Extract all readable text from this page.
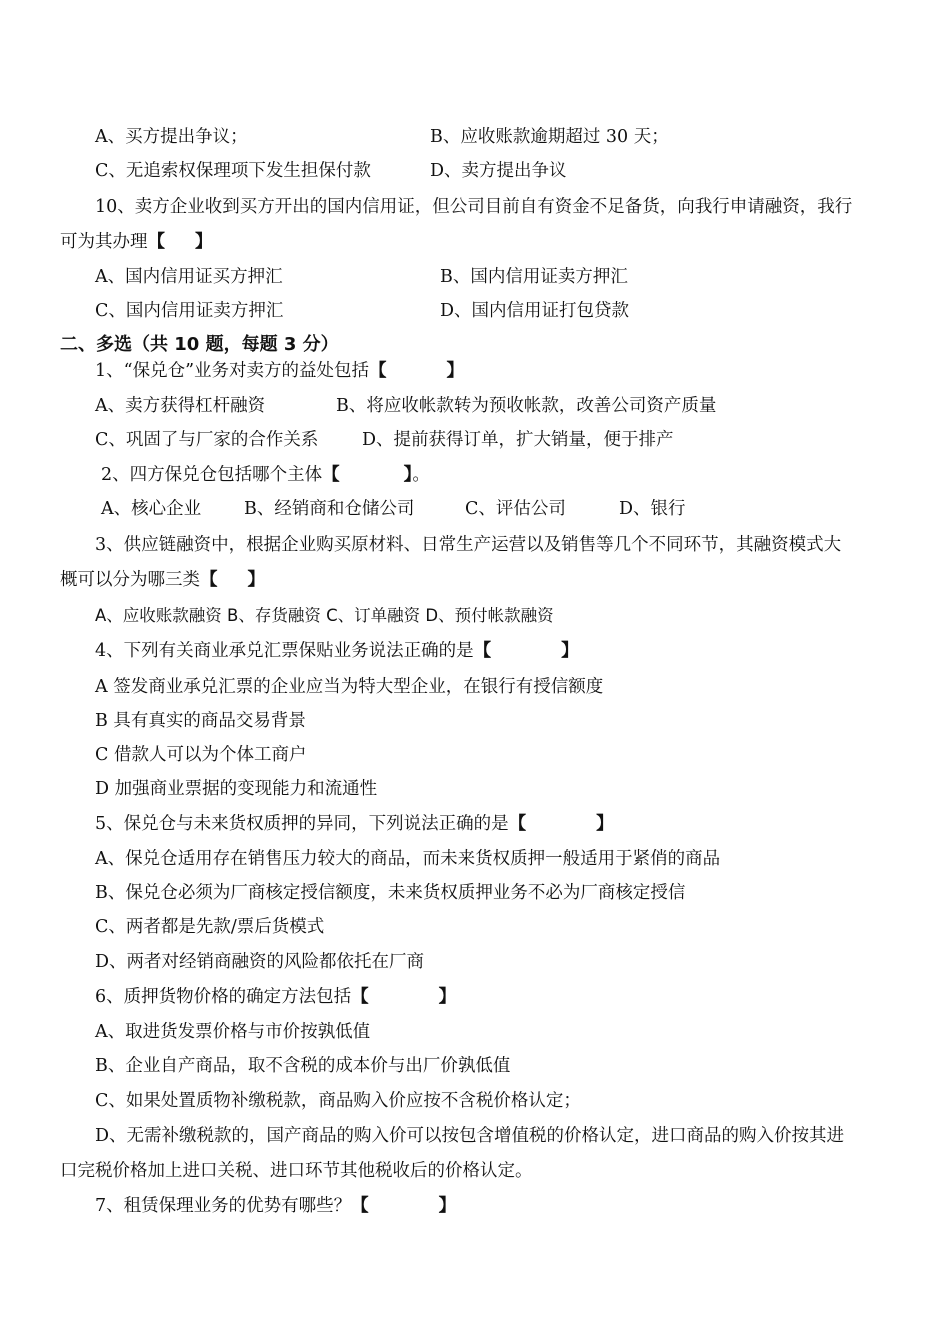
A、买方提出争议；	B、应收账款逾期超过 30 天；
C、无追索权保理项下发生担保付款	D、卖方提出争议
10、卖方企业收到买方开出的国内信用证，但公司目前自有资金不足备货，向我行申请融资，我行
可为其办理【 】
A、国内信用证买方押汇	B、国内信用证卖方押汇
C、国内信用证卖方押汇	D、国内信用证打包贷款
二、多选（共 10 题，每题 3 分）
1、“保兑仓”业务对卖方的益处包括【	】
A、卖方获得杠杆融资	B、将应收帐款转为预收帐款，改善公司资产质量
C、巩固了与厂家的合作关系 D、提前获得订单，扩大销量，便于排产
2、四方保兑仓包括哪个主体【	】。
A、核心企业 B、经销商和仓储公司	C、评估公司	D、银行
3、供应链融资中，根据企业购买原材料、日常生产运营以及销售等几个不同环节，其融资模式大
概可以分为哪三类【 】
A、应收账款融资 B、存货融资 C、订单融资 D、预付帐款融资
4、下列有关商业承兑汇票保贴业务说法正确的是【	】
A 签发商业承兑汇票的企业应当为特大型企业，在银行有授信额度
B 具有真实的商品交易背景
C 借款人可以为个体工商户
D 加强商业票据的变现能力和流通性
5、保兑仓与未来货权质押的异同，下列说法正确的是【	】
A、保兑仓适用存在销售压力较大的商品，而未来货权质押一般适用于紧俏的商品
B、保兑仓必须为厂商核定授信额度，未来货权质押业务不必为厂商核定授信
C、两者都是先款/票后货模式
D、两者对经销商融资的风险都依托在厂商
6、质押货物价格的确定方法包括【	】
A、取进货发票价格与市价按孰低值
B、企业自产商品，取不含税的成本价与出厂价孰低值
C、如果处置质物补缴税款，商品购入价应按不含税价格认定；
D、无需补缴税款的，国产商品的购入价可以按包含增值税的价格认定，进口商品的购入价按其进
口完税价格加上进口关税、进口环节其他税收后的价格认定。
7、租赁保理业务的优势有哪些？【	】
